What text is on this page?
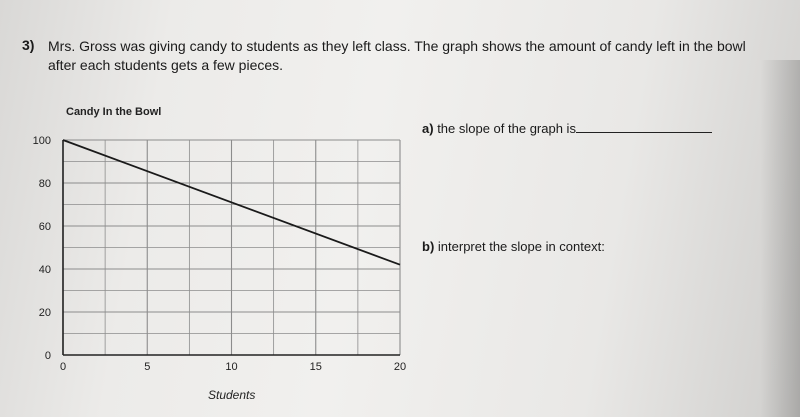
3) Mrs. Gross was giving candy to students as they left class. The graph shows the amount of candy left in the bowl after each students gets a few pieces.
Candy In the Bowl
0
20
40
60
80
100
0	5	10	15	20
Students
a) the slope of the graph is
b) interpret the slope in context:
